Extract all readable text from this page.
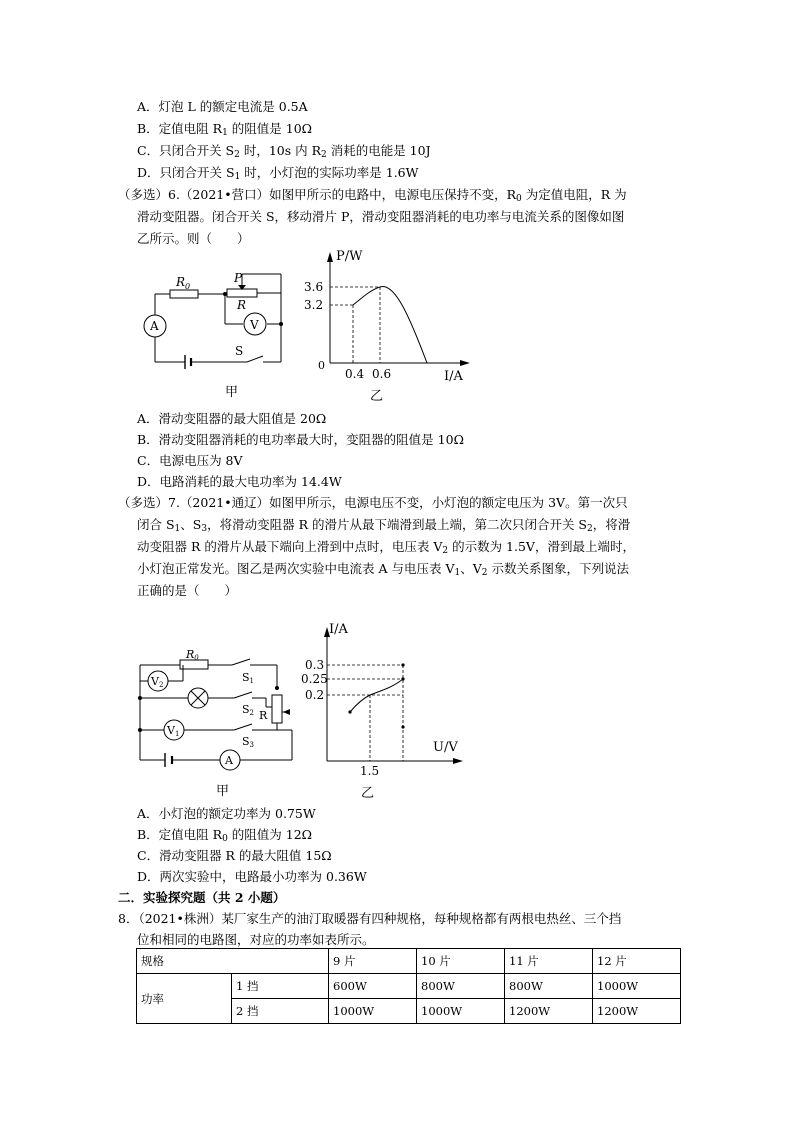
A．灯泡 L 的额定电流是 0.5A
B．定值电阻 $R_1$ 的阻值是 10Ω
C．只闭合开关 $S_2$ 时，10s 内 $R_2$ 消耗的电能是 10J
D．只闭合开关 $S_1$ 时，小灯泡的实际功率是 1.6W
（多选）6.（2021•营口）如图甲所示的电路中，电源电压保持不变，$R_0$ 为定值电阻，R 为
滑动变阻器。闭合开关 S，移动滑片 P，滑动变阻器消耗的电功率与电流关系的图像如图
乙所示。则（　　）
A	V
$R_0$
P
R
S
甲
P/W
3.6
3.2
0
0.4 0.6	I/A
乙
A．滑动变阻器的最大阻值是 20Ω
B．滑动变阻器消耗的电功率最大时，变阻器的阻值是 10Ω
C．电源电压为 8V
D．电路消耗的最大电功率为 14.4W
（多选）7.（2021•通辽）如图甲所示，电源电压不变，小灯泡的额定电压为 3V。第一次只
闭合 $S_1$、$S_3$，将滑动变阻器 R 的滑片从最下端滑到最上端，第二次只闭合开关 $S_2$，将滑
动变阻器 R 的滑片从最下端向上滑到中点时，电压表 $V_2$ 的示数为 1.5V，滑到最上端时，
小灯泡正常发光。图乙是两次实验中电流表 A 与电压表 $V_1$、$V_2$ 示数关系图象，下列说法
正确的是（　　）
V2
V1
A
R0
S1
S2
S3
R
甲
I/A
0.3
0.25
0.2
1.5
U/V
乙
A．小灯泡的额定功率为 0.75W
B．定值电阻 $R_0$ 的阻值为 12Ω
C．滑动变阻器 R 的最大阻值 15Ω
D．两次实验中，电路最小功率为 0.36W
二．实验探究题（共 2 小题）
8．（2021•株洲）某厂家生产的油汀取暖器有四种规格，每种规格都有两根电热丝、三个挡
位和相同的电路图，对应的功率如表所示。
规格		9 片	10 片	11 片	12 片
功率	1 挡	600W	800W	800W	1000W
	2 挡	1000W	1000W	1200W	1200W
